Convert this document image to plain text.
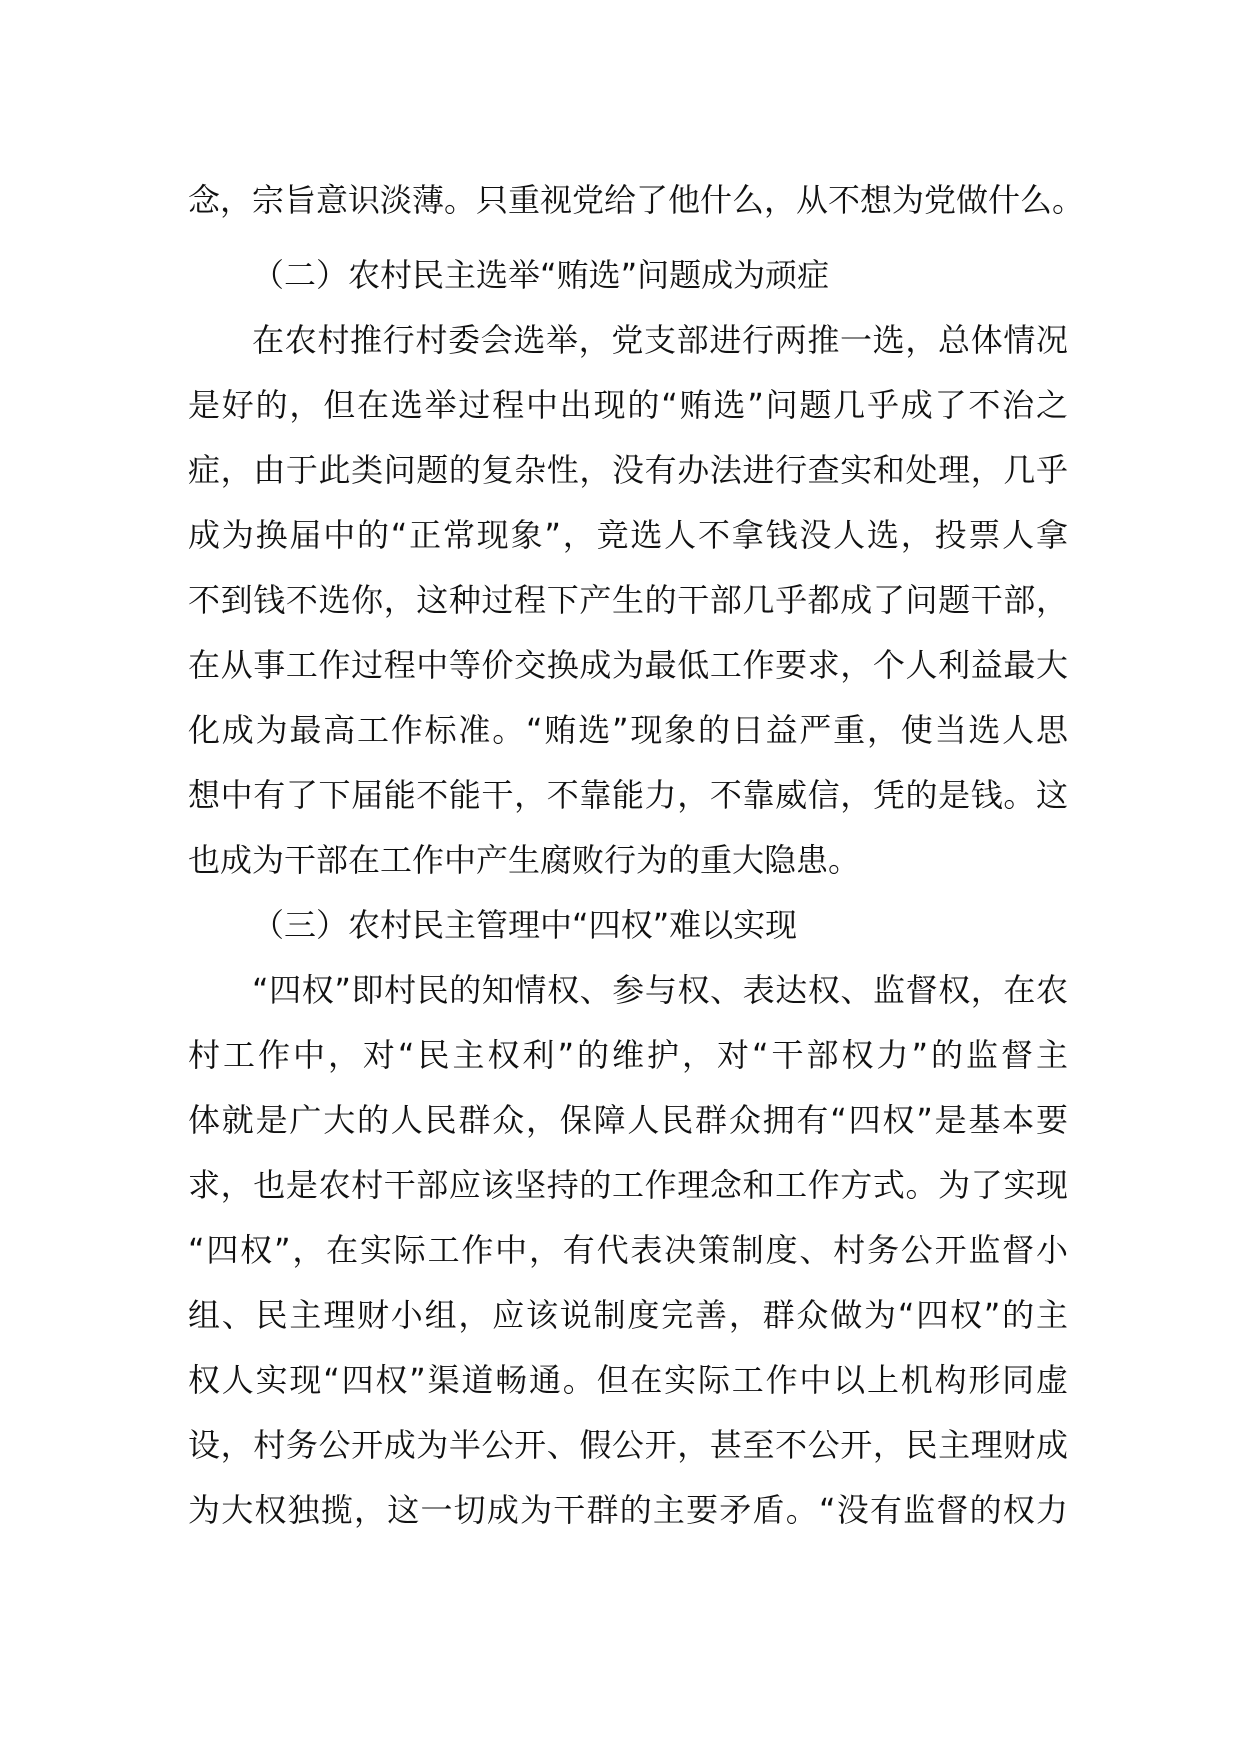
念，宗旨意识淡薄。只重视党给了他什么，从不想为党做什么。
（二）农村民主选举“贿选”问题成为顽症
在农村推行村委会选举，党支部进行两推一选，总体情况
是好的，但在选举过程中出现的“贿选”问题几乎成了不治之
症，由于此类问题的复杂性，没有办法进行查实和处理，几乎
成为换届中的“正常现象”，竞选人不拿钱没人选，投票人拿
不到钱不选你，这种过程下产生的干部几乎都成了问题干部，
在从事工作过程中等价交换成为最低工作要求，个人利益最大
化成为最高工作标准。“贿选”现象的日益严重，使当选人思
想中有了下届能不能干，不靠能力，不靠威信，凭的是钱。这
也成为干部在工作中产生腐败行为的重大隐患。
（三）农村民主管理中“四权”难以实现
“四权”即村民的知情权、参与权、表达权、监督权，在农
村工作中，对“民主权利”的维护，对“干部权力”的监督主
体就是广大的人民群众，保障人民群众拥有“四权”是基本要
求，也是农村干部应该坚持的工作理念和工作方式。为了实现
“四权”，在实际工作中，有代表决策制度、村务公开监督小
组、民主理财小组，应该说制度完善，群众做为“四权”的主
权人实现“四权”渠道畅通。但在实际工作中以上机构形同虚
设，村务公开成为半公开、假公开，甚至不公开，民主理财成
为大权独揽，这一切成为干群的主要矛盾。“没有监督的权力
